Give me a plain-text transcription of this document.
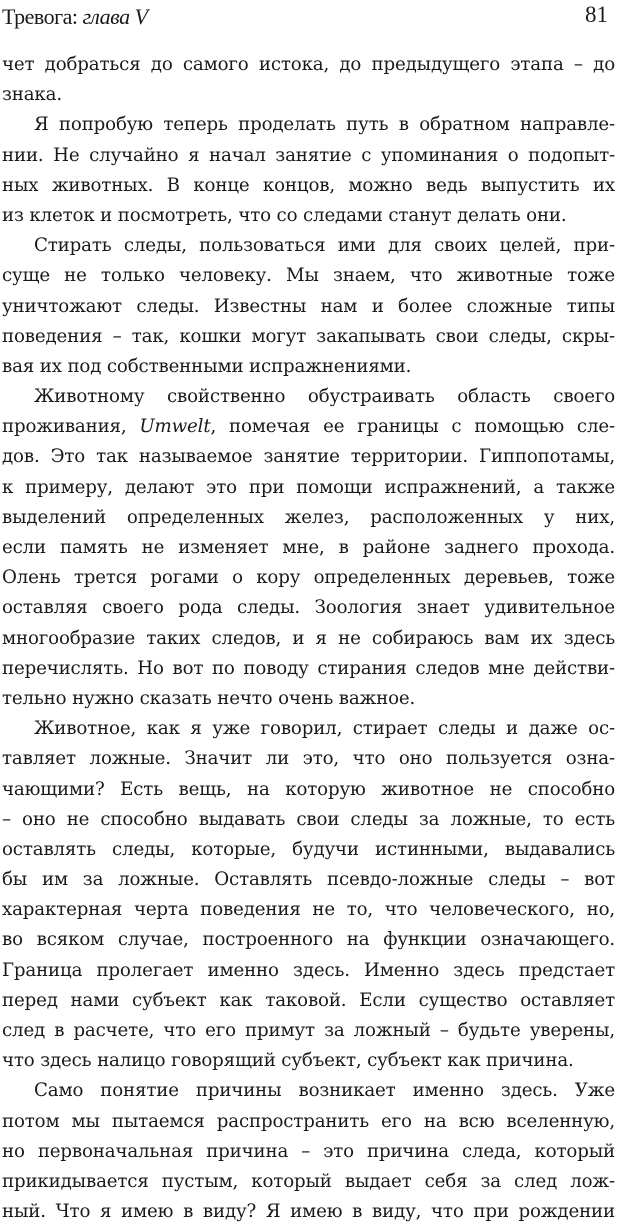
Тревога: глава V	81
чет добраться до самого истока, до предыдущего этапа – до
знака.
Я попробую теперь проделать путь в обратном направле-
нии. Не случайно я начал занятие с упоминания о подопыт-
ных животных. В конце концов, можно ведь выпустить их
из клеток и посмотреть, что со следами станут делать они.
Стирать следы, пользоваться ими для своих целей, при-
суще не только человеку. Мы знаем, что животные тоже
уничтожают следы. Известны нам и более сложные типы
поведения – так, кошки могут закапывать свои следы, скры-
вая их под собственными испражнениями.
Животному свойственно обустраивать область своего
проживания, Umwelt, помечая ее границы с помощью сле-
дов. Это так называемое занятие территории. Гиппопотамы,
к примеру, делают это при помощи испражнений, а также
выделений определенных желез, расположенных у них,
если память не изменяет мне, в районе заднего прохода.
Олень трется рогами о кору определенных деревьев, тоже
оставляя своего рода следы. Зоология знает удивительное
многообразие таких следов, и я не собираюсь вам их здесь
перечислять. Но вот по поводу стирания следов мне действи-
тельно нужно сказать нечто очень важное.
Животное, как я уже говорил, стирает следы и даже ос-
тавляет ложные. Значит ли это, что оно пользуется озна-
чающими? Есть вещь, на которую животное не способно
– оно не способно выдавать свои следы за ложные, то есть
оставлять следы, которые, будучи истинными, выдавались
бы им за ложные. Оставлять псевдо-ложные следы – вот
характерная черта поведения не то, что человеческого, но,
во всяком случае, построенного на функции означающего.
Граница пролегает именно здесь. Именно здесь предстает
перед нами субъект как таковой. Если существо оставляет
след в расчете, что его примут за ложный – будьте уверены,
что здесь налицо говорящий субъект, субъект как причина.
Само понятие причины возникает именно здесь. Уже
потом мы пытаемся распространить его на всю вселенную,
но первоначальная причина – это причина следа, который
прикидывается пустым, который выдает себя за след лож-
ный. Что я имею в виду? Я имею в виду, что при рождении
